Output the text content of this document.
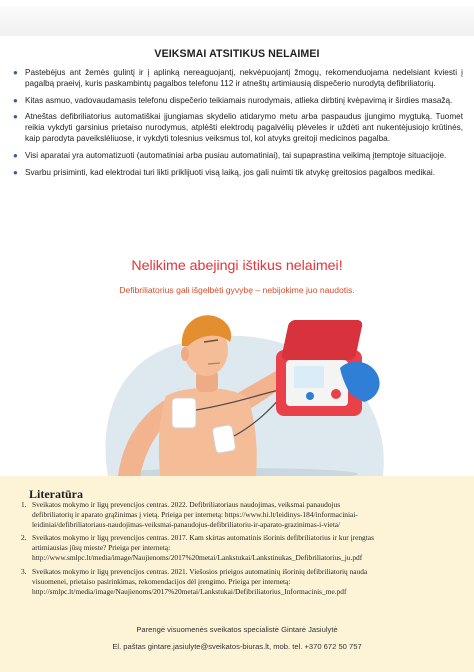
VEIKSMAI ATSITIKUS NELAIMEI
● Pastebėjus ant žemės gulintį ir į aplinką nereaguojantį, nekvėpuojantį žmogų, rekomenduojama nedelsiant kviesti į pagalbą praeivį, kuris paskambintų pagalbos telefonu 112 ir atneštų artimiausią dispečerio nurodytą defibriliatorių.
● Kitas asmuo, vadovaudamasis telefonu dispečerio teikiamais nurodymais, atlieka dirbtinį kvėpavimą ir širdies masažą.
● Atneštas defibriliatorius automatiškai įjungiamas skydelio atidarymo metu arba paspaudus įjungimo mygtuką. Tuomet reikia vykdyti garsinius prietaiso nurodymus, atplėšti elektrodų pagalvėlių plėveles ir uždėti ant nukentėjusiojo krūtinės, kaip parodyta paveikslėliuose, ir vykdyti tolesnius veiksmus tol, kol atvyks greitoji medicinos pagalba.
● Visi aparatai yra automatizuoti (automatiniai arba pusiau automatiniai), tai supaprastina veikimą įtemptoje situacijoje.
● Svarbu prisiminti, kad elektrodai turi likti priklijuoti visą laiką, jos gali nuimti tik atvykę greitosios pagalbos medikai.
Nelikime abejingi ištikus nelaimei!
Defibriliatorius gali išgelbėti gyvybę – nebijokime juo naudotis.
Literatūra
1. Sveikatos mokymo ir ligų prevencijos centras. 2022. Defibriliatoriaus naudojimas, veiksmai panaudojus
defibriliatorių ir aparato grąžinimas į vietą. Prieiga per internetą: https://www.hi.lt/leidinys-184/informaciniai-
leidiniai/defibriliatoriaus-naudojimas-veiksmai-panaudojus-defibriliatoriu-ir-aparato-grazinimas-i-vieta/
2. Sveikatos mokymo ir ligų prevencijos centras. 2017. Kam skirtas automatinis išorinis defibriliatorius ir kur įrengtas
artimiausias jūsų mieste? Prieiga per internetą:
http://www.smlpc.lt/media/image/Naujienoms/2017%20metai/Lankstukai/Lankstinukas_Defibriliatorius_ju.pdf
3. Sveikatos mokymo ir ligų prevencijos centras. 2021. Viešosios prieigos automatinių išorinių defibriliatorių nauda
visuomenei, prietaiso pasirinkimas, rekomendacijos dėl įrengimo. Prieiga per internetą:
http://smlpc.lt/media/image/Naujienoms/2017%20metai/Lankstukai/Defibriliatorius_Informacinis_me.pdf
Parengė visuomenės sveikatos specialistė Gintarė Jasiulytė
El. paštas gintare.jasiulyte@sveikatos-biuras.lt, mob. tel. +370 672 50 757
